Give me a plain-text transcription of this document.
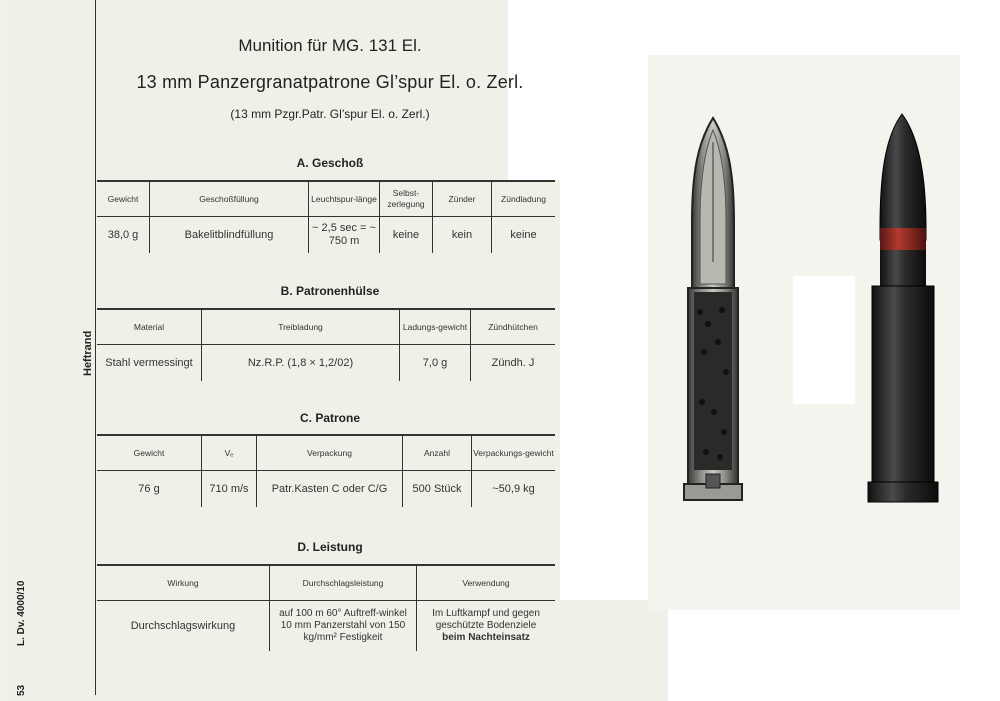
Heftrand
L. Dv. 4000/10
53
Munition für MG. 131 El.
13 mm Panzergranatpatrone Gl’spur El. o. Zerl.
(13 mm Pzgr.Patr. Gl’spur El. o. Zerl.)
A. Geschoß
Gewicht	Geschoßfüllung	Leuchtspur-länge	Selbst-zerlegung	Zünder	Zündladung
38,0 g	Bakelitblindfüllung	~ 2,5 sec = ~ 750 m	keine	kein	keine
B. Patronenhülse
Material	Treibladung	Ladungs-gewicht	Zündhütchen
Stahl vermessingt	Nz.R.P. (1,8 × 1,2/02)	7,0 g	Zündh. J
C. Patrone
Gewicht	Vₑ	Verpackung	Anzahl	Verpackungs-gewicht
76 g	710 m/s	Patr.Kasten C oder C/G	500 Stück	~50,9 kg
D. Leistung
Wirkung	Durchschlagsleistung	Verwendung
Durchschlagswirkung	auf 100 m 60° Auftreff-winkel 10 mm Panzerstahl von 150 kg/mm² Festigkeit	Im Luftkampf und gegen geschützte Bodenziele
beim Nachteinsatz
